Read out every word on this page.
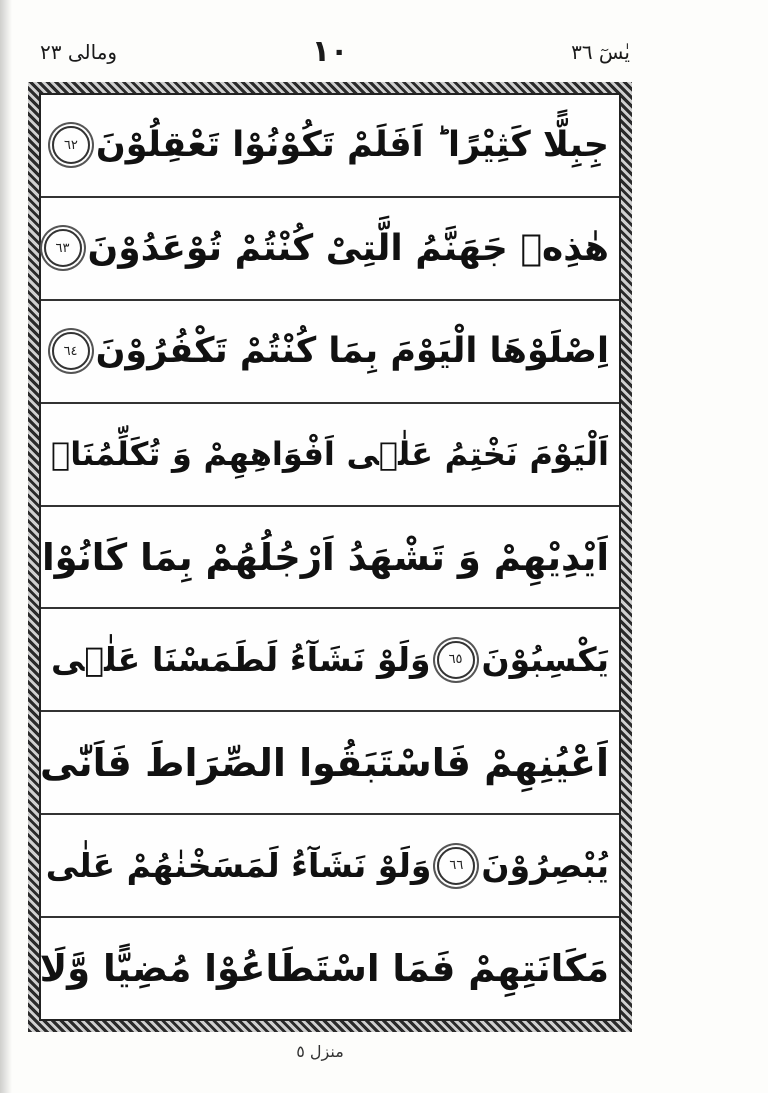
يٰسٓ ٣٦
١٠
ومالى ٢٣
جِبِلًّا كَثِيْرًا ؕ اَفَلَمْ تَكُوْنُوْا تَعْقِلُوْنَ
٦٢
هٰذِهٖ جَهَنَّمُ الَّتِیْ كُنْتُمْ تُوْعَدُوْنَ
٦٣
اِصْلَوْهَا الْیَوْمَ بِمَا كُنْتُمْ تَكْفُرُوْنَ
٦٤
اَلْیَوْمَ نَخْتِمُ عَلٰۤى اَفْوَاهِهِمْ وَ تُكَلِّمُنَاۤ
اَیْدِیْهِمْ وَ تَشْهَدُ اَرْجُلُهُمْ بِمَا كَانُوْا
یَكْسِبُوْنَ
٦٥
وَلَوْ نَشَآءُ لَطَمَسْنَا عَلٰۤى
اَعْیُنِهِمْ فَاسْتَبَقُوا الصِّرَاطَ فَاَنّٰى
یُبْصِرُوْنَ
٦٦
وَلَوْ نَشَآءُ لَمَسَخْنٰهُمْ عَلٰى
مَكَانَتِهِمْ فَمَا اسْتَطَاعُوْا مُضِیًّا وَّلَا
منزل ٥
